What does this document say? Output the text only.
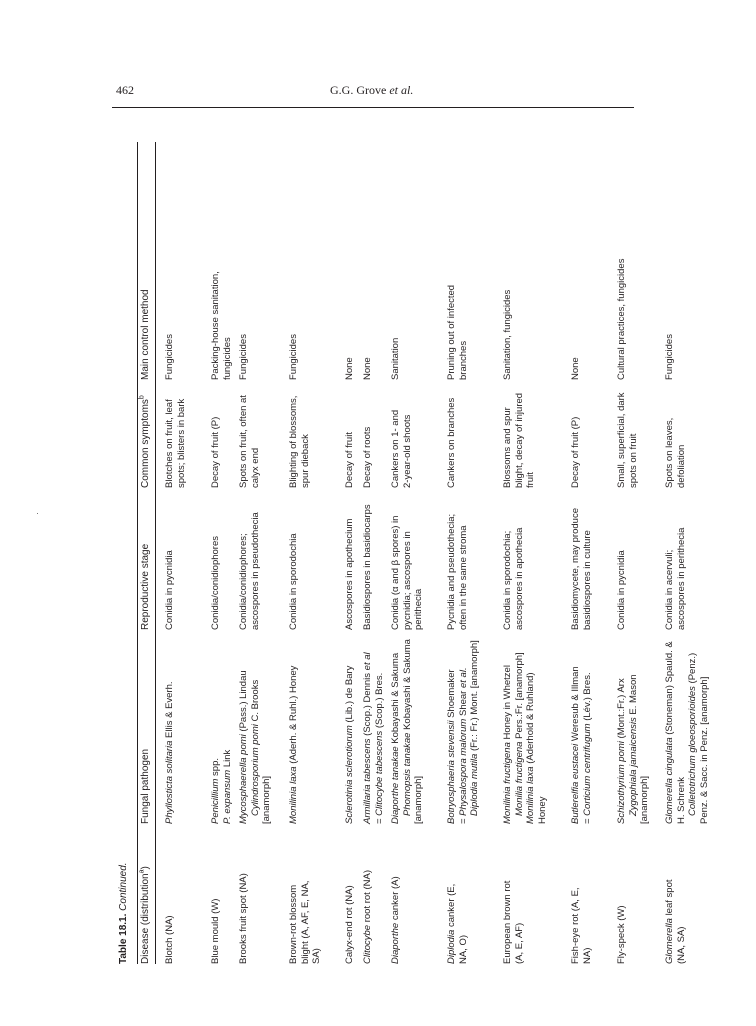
462	G.G. Grove et al.
Table 18.1. Continued. Disease (distribution$^a$)
Fungal pathogen
Reproductive stage
Common symptoms$^b$
Main control method
Blotch (NA)
Phyllosticta solitaria Ellis & Everh.
Conidia in pycnidia
Blotches on fruit, leaf spots; blisters in bark
Fungicides
Blue mould (W)
Penicillium spp.
P. expansum Link
Conidia/conidiophores
Decay of fruit (P)
Packing-house sanitation, fungicides
Brooks fruit spot (NA)
Mycosphaerella pomi (Pass.) Lindau
Cylindrosporium pomi C. Brooks
[anamorph]
Conidia/conidiophores; ascospores in pseudothecia
Spots on fruit, often at calyx end
Fungicides
Brown-rot blossom blight (A, AF, E, NA, SA)
Monilinia laxa (Aderh. & Ruhl.) Honey
Conidia in sporodochia
Blighting of blossoms, spur dieback
Fungicides
Calyx-end rot (NA)
Sclerotinia sclerotiorum (Lib.) de Bary
Ascospores in apothecium
Decay of fruit
None
Clitocybe root rot (NA)
Armillaria tabescens (Scop.) Dennis et al
= Clitocybe tabescens (Scop.) Bres.
Basidiospores in basidiocarps
Decay of roots
None
Diaporthe canker (A)
Diaporthe tanakae Kobayashi & Sakuma
Phomopsis tanakae Kobayashi & Sakuma
[anamorph]
Conidia (α and β spores) in pycnidia; ascospores in perithecia
Cankers on 1- and 2-year-old shoots
Sanitation
Diplodia canker (E,
NA, O)
Botryosphaeria stevensii Shoemaker
= Physalospora malorum Shear et al.
Diplodia mutila (Fr.: Fr.) Mont. [anamorph]
Pycnidia and pseudothecia; often in the same stroma
Cankers on branches
Pruning out of infected branches
European brown rot (A, E, AF)
Monilinia fructigena Honey in Whetzel
Monilia fructigena Pers.:Fr. [anamorph]
Monilinia laxa (Aderhold & Ruhland)
Honey
Conidia in sporodochia; ascospores in apothecia
Blossoms and spur blight, decay of injured fruit
Sanitation, fungicides
Fish-eye rot (A, E, NA)
Butlerelfia eustacei Weresub & Illman
= Corticium centrifugum (Lév.) Bres.
Basidiomycete, may produce basidiospores in culture
Decay of fruit (P)
None
Fly-speck (W)
Schizothyrium pomi (Mont.:Fr.) Arx
Zygophiala jamaicensis E. Mason
[anamorph]
Conidia in pycnidia
Small, superficial, dark spots on fruit
Cultural practices, fungicides
Glomerella leaf spot
(NA, SA)
Glomerella cingulata (Stoneman) Spauld. &
H. Schrenk Colletotrichum gloeosporioides (Penz.)
Penz. & Sacc. in Penz. [anamorph]
Conidia in acervuli; ascospores in perithecia
Spots on leaves, defoliation
Fungicides
